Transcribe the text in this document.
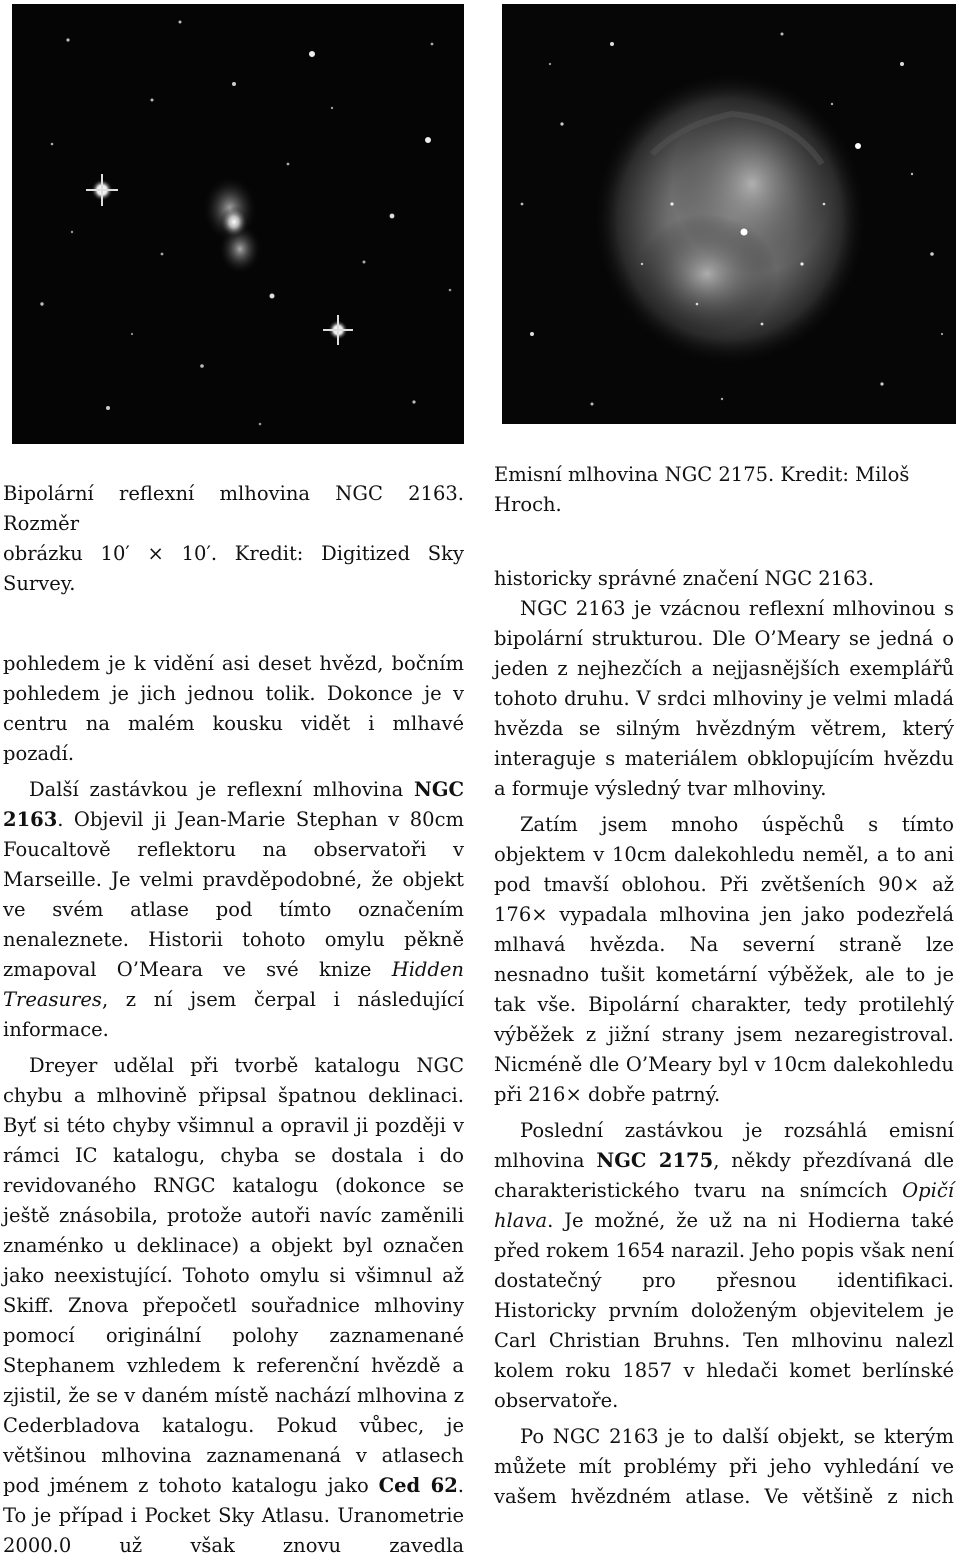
Bipolární reflexní mlhovina NGC 2163. Rozměr
obrázku 10′ × 10′. Kredit: Digitized Sky Survey.

pohledem je k vidění asi deset hvězd, bočním pohledem je jich jednou tolik. Dokonce je v centru na malém kousku vidět i mlhavé pozadí.

Další zastávkou je reflexní mlhovina NGC 2163. Objevil ji Jean-Marie Stephan v 80cm Foucaltově reflektoru na observatoři v Marseille. Je velmi pravděpodobné, že objekt ve svém atlase pod tímto označením nenaleznete. Historii tohoto omylu pěkně zmapoval O’Meara ve své knize Hidden Treasures, z ní jsem čerpal i následující informace.

Dreyer udělal při tvorbě katalogu NGC chybu a mlhovině připsal špatnou deklinaci. Byť si této chyby všimnul a opravil ji později v rámci IC katalogu, chyba se dostala i do revidovaného RNGC katalogu (dokonce se ještě znásobila, protože autoři navíc zaměnili znaménko u deklinace) a objekt byl označen jako neexistující. Tohoto omylu si všimnul až Skiff. Znova přepočetl souřadnice mlhoviny pomocí originální polohy zaznamenané Stephanem vzhledem k referenční hvězdě a zjistil, že se v daném místě nachází mlhovina z Cederbladova katalogu. Pokud vůbec, je většinou mlhovina zaznamenaná v atlasech pod jménem z tohoto katalogu jako Ced 62. To je případ i Pocket Sky Atlasu. Uranometrie 2000.0 už však znovu zavedla

Emisní mlhovina NGC 2175. Kredit: Miloš
Hroch.

historicky správné značení NGC 2163.

NGC 2163 je vzácnou reflexní mlhovinou s bipolární strukturou. Dle O’Meary se jedná o jeden z nejhezčích a nejjasnějších exemplářů tohoto druhu. V srdci mlhoviny je velmi mladá hvězda se silným hvězdným větrem, který interaguje s materiálem obklopujícím hvězdu a formuje výsledný tvar mlhoviny.

Zatím jsem mnoho úspěchů s tímto objektem v 10cm dalekohledu neměl, a to ani pod tmavší oblohou. Při zvětšeních 90× až 176× vypadala mlhovina jen jako podezřelá mlhavá hvězda. Na severní straně lze nesnadno tušit kometární výběžek, ale to je tak vše. Bipolární charakter, tedy protilehlý výběžek z jižní strany jsem nezaregistroval. Nicméně dle O’Meary byl v 10cm dalekohledu při 216× dobře patrný.

Poslední zastávkou je rozsáhlá emisní mlhovina NGC 2175, někdy přezdívaná dle charakteristického tvaru na snímcích Opičí hlava. Je možné, že už na ni Hodierna také před rokem 1654 narazil. Jeho popis však není dostatečný pro přesnou identifikaci. Historicky prvním doloženým objevitelem je Carl Christian Bruhns. Ten mlhovinu nalezl kolem roku 1857 v hledači komet berlínské observatoře.

Po NGC 2163 je to další objekt, se kterým můžete mít problémy při jeho vyhledání ve vašem hvězdném atlase. Ve většině z nich
